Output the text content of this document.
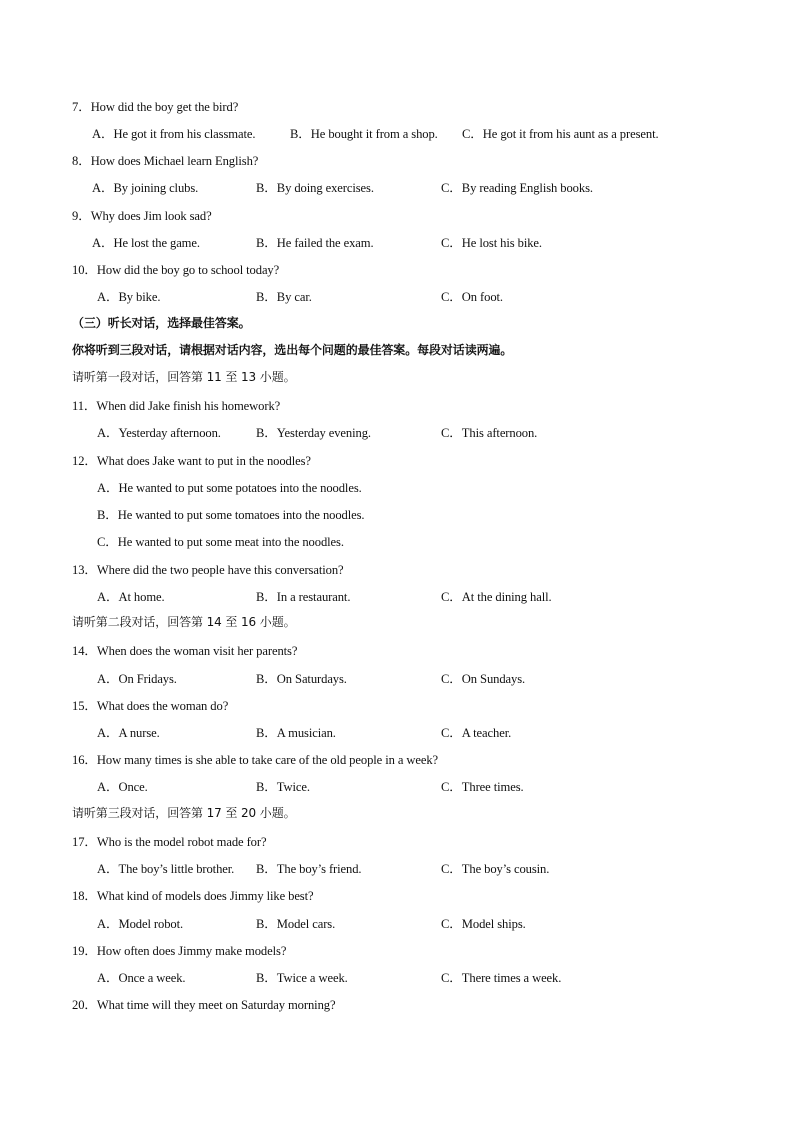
7．How did the boy get the bird?
A．He got it from his classmate.	B．He bought it from a shop. C．He got it from his aunt as a present.
8．How does Michael learn English?
A．By joining clubs.	B．By doing exercises.	C．By reading English books.
9．Why does Jim look sad?
A．He lost the game.	B．He failed the exam.	C．He lost his bike.
10．How did the boy go to school today?
A．By bike.	B．By car.	C．On foot.
（三）听长对话，选择最佳答案。
你将听到三段对话，请根据对话内容，选出每个问题的最佳答案。每段对话读两遍。
请听第一段对话，回答第 11 至 13 小题。
11．When did Jake finish his homework?
A．Yesterday afternoon.	B．Yesterday evening.	C．This afternoon.
12．What does Jake want to put in the noodles?
A．He wanted to put some potatoes into the noodles.
B．He wanted to put some tomatoes into the noodles.
C．He wanted to put some meat into the noodles.
13．Where did the two people have this conversation?
A．At home.	B．In a restaurant.	C．At the dining hall.
请听第二段对话，回答第 14 至 16 小题。
14．When does the woman visit her parents?
A．On Fridays.	B．On Saturdays.	C．On Sundays.
15．What does the woman do?
A．A nurse.	B．A musician.	C．A teacher.
16．How many times is she able to take care of the old people in a week?
A．Once.	B．Twice.	C．Three times.
请听第三段对话，回答第 17 至 20 小题。
17．Who is the model robot made for?
A．The boy’s little brother. B．The boy’s friend.	C．The boy’s cousin.
18．What kind of models does Jimmy like best?
A．Model robot.	B．Model cars.	C．Model ships.
19．How often does Jimmy make models?
A．Once a week.	B．Twice a week.	C．There times a week.
20．What time will they meet on Saturday morning?
